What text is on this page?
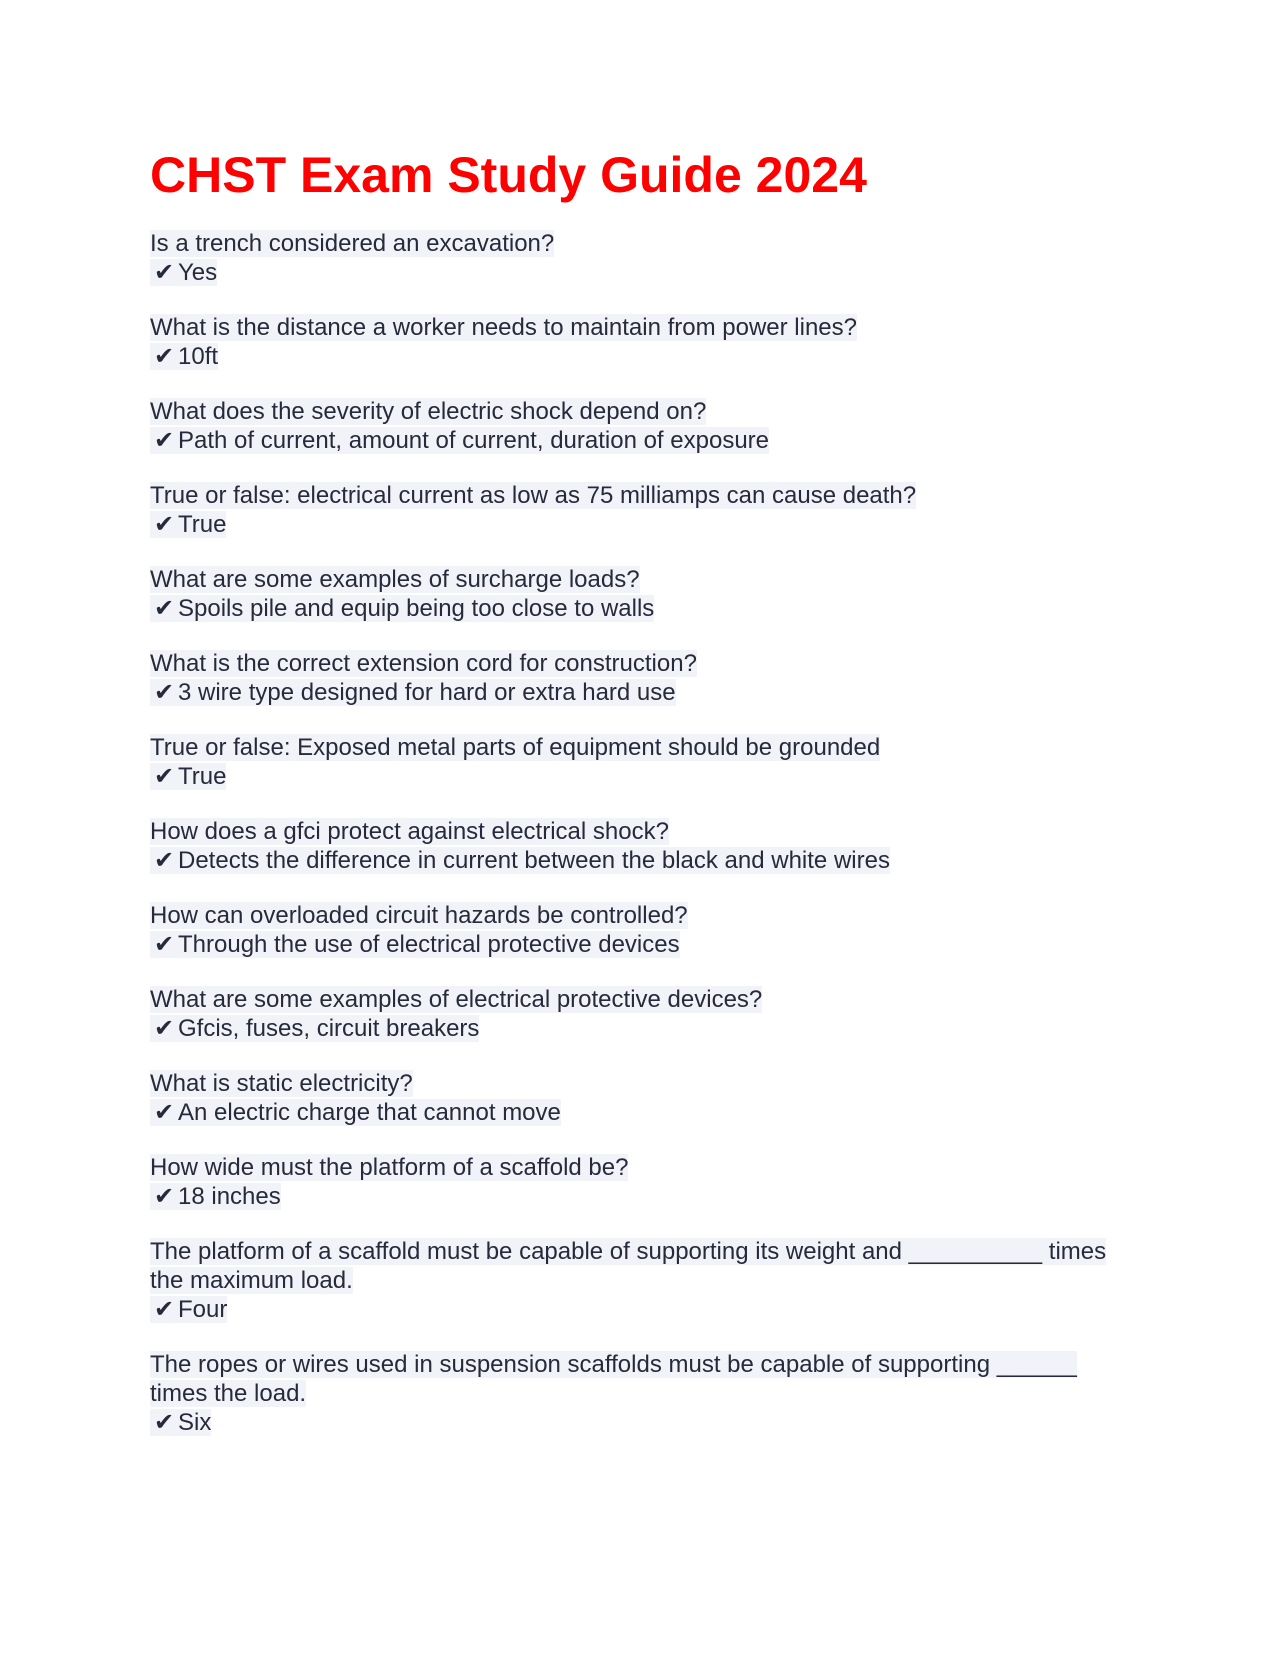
CHST Exam Study Guide 2024
Is a trench considered an excavation?
✔ Yes
What is the distance a worker needs to maintain from power lines?
✔ 10ft
What does the severity of electric shock depend on?
✔ Path of current, amount of current, duration of exposure
True or false: electrical current as low as 75 milliamps can cause death?
✔ True
What are some examples of surcharge loads?
✔ Spoils pile and equip being too close to walls
What is the correct extension cord for construction?
✔ 3 wire type designed for hard or extra hard use
True or false: Exposed metal parts of equipment should be grounded
✔ True
How does a gfci protect against electrical shock?
✔ Detects the difference in current between the black and white wires
How can overloaded circuit hazards be controlled?
✔ Through the use of electrical protective devices
What are some examples of electrical protective devices?
✔ Gfcis, fuses, circuit breakers
What is static electricity?
✔ An electric charge that cannot move
How wide must the platform of a scaffold be?
✔ 18 inches
The platform of a scaffold must be capable of supporting its weight and __________ times the maximum load.
✔ Four
The ropes or wires used in suspension scaffolds must be capable of supporting ______ times the load.
✔ Six
